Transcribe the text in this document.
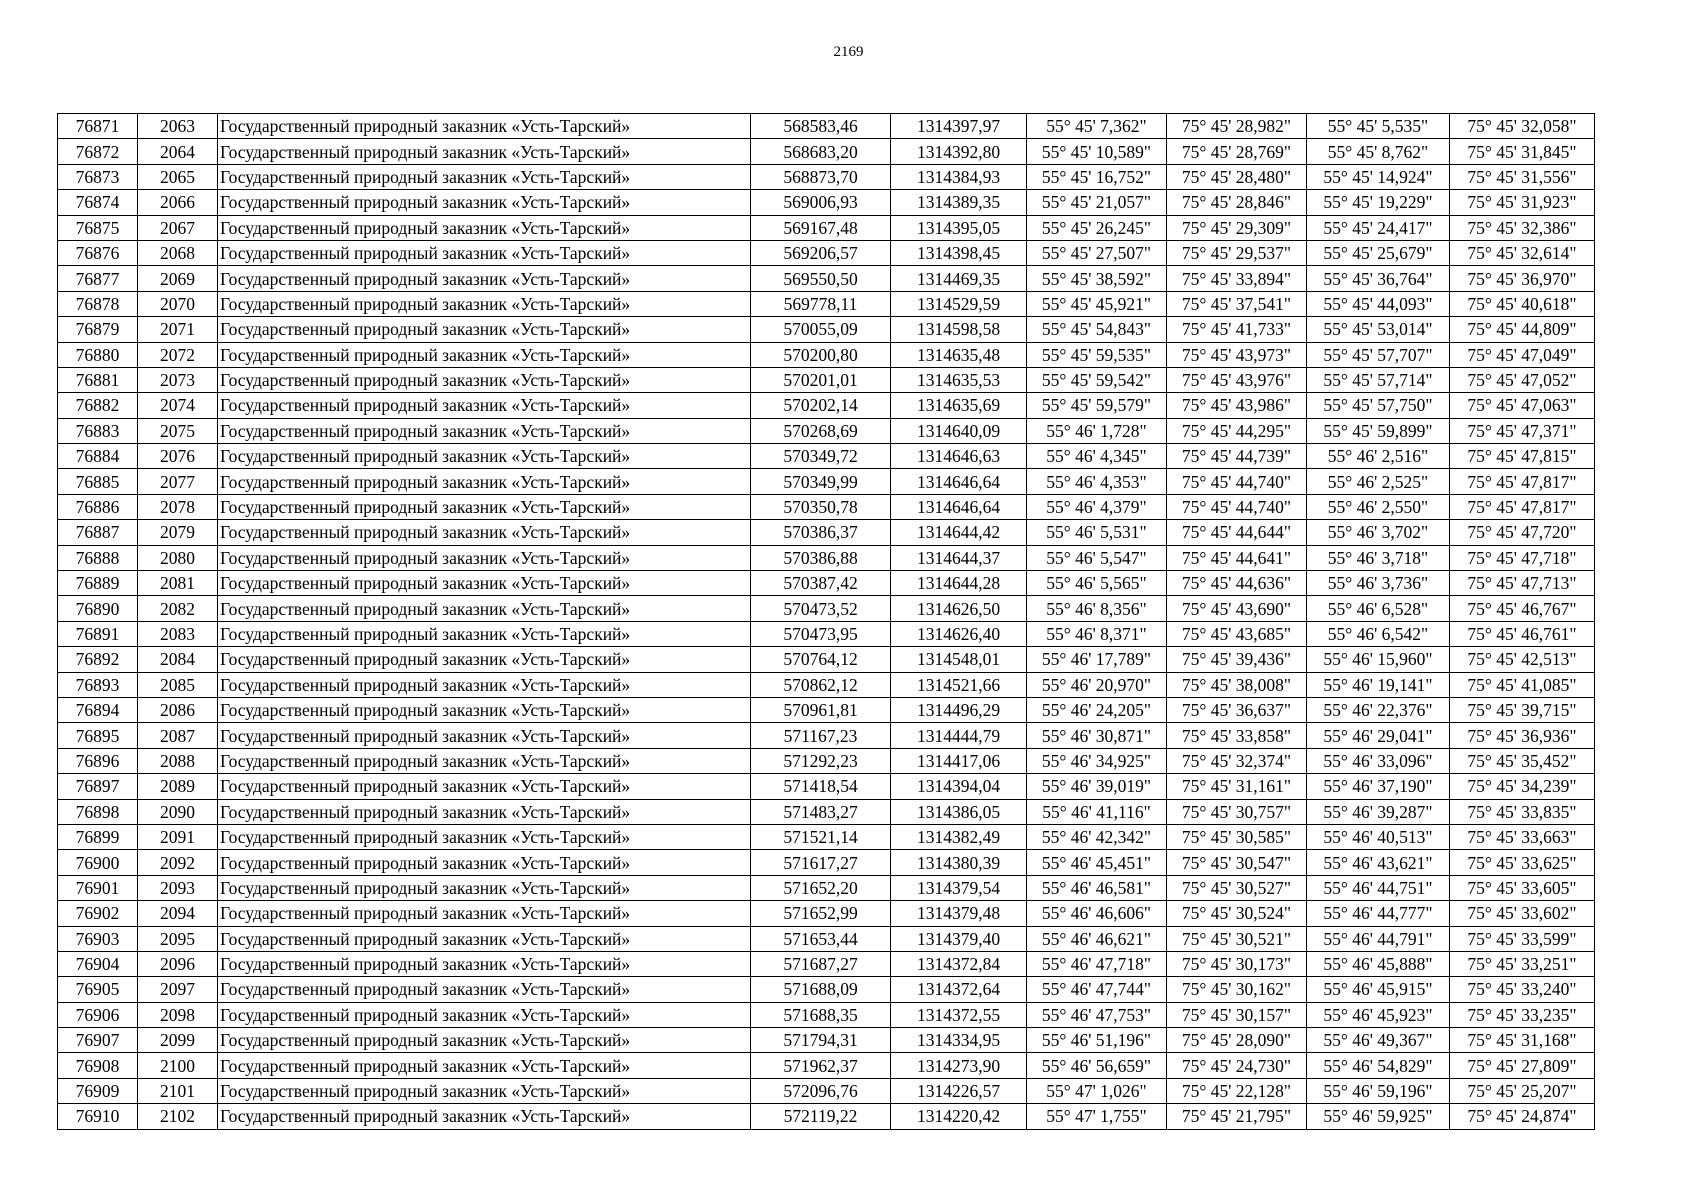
2169
76871	2063	Государственный природный заказник «Усть-Тарский»	568583,46	1314397,97	55° 45' 7,362"	75° 45' 28,982"	55° 45' 5,535"	75° 45' 32,058"
76872	2064	Государственный природный заказник «Усть-Тарский»	568683,20	1314392,80	55° 45' 10,589"	75° 45' 28,769"	55° 45' 8,762"	75° 45' 31,845"
76873	2065	Государственный природный заказник «Усть-Тарский»	568873,70	1314384,93	55° 45' 16,752"	75° 45' 28,480"	55° 45' 14,924"	75° 45' 31,556"
76874	2066	Государственный природный заказник «Усть-Тарский»	569006,93	1314389,35	55° 45' 21,057"	75° 45' 28,846"	55° 45' 19,229"	75° 45' 31,923"
76875	2067	Государственный природный заказник «Усть-Тарский»	569167,48	1314395,05	55° 45' 26,245"	75° 45' 29,309"	55° 45' 24,417"	75° 45' 32,386"
76876	2068	Государственный природный заказник «Усть-Тарский»	569206,57	1314398,45	55° 45' 27,507"	75° 45' 29,537"	55° 45' 25,679"	75° 45' 32,614"
76877	2069	Государственный природный заказник «Усть-Тарский»	569550,50	1314469,35	55° 45' 38,592"	75° 45' 33,894"	55° 45' 36,764"	75° 45' 36,970"
76878	2070	Государственный природный заказник «Усть-Тарский»	569778,11	1314529,59	55° 45' 45,921"	75° 45' 37,541"	55° 45' 44,093"	75° 45' 40,618"
76879	2071	Государственный природный заказник «Усть-Тарский»	570055,09	1314598,58	55° 45' 54,843"	75° 45' 41,733"	55° 45' 53,014"	75° 45' 44,809"
76880	2072	Государственный природный заказник «Усть-Тарский»	570200,80	1314635,48	55° 45' 59,535"	75° 45' 43,973"	55° 45' 57,707"	75° 45' 47,049"
76881	2073	Государственный природный заказник «Усть-Тарский»	570201,01	1314635,53	55° 45' 59,542"	75° 45' 43,976"	55° 45' 57,714"	75° 45' 47,052"
76882	2074	Государственный природный заказник «Усть-Тарский»	570202,14	1314635,69	55° 45' 59,579"	75° 45' 43,986"	55° 45' 57,750"	75° 45' 47,063"
76883	2075	Государственный природный заказник «Усть-Тарский»	570268,69	1314640,09	55° 46' 1,728"	75° 45' 44,295"	55° 45' 59,899"	75° 45' 47,371"
76884	2076	Государственный природный заказник «Усть-Тарский»	570349,72	1314646,63	55° 46' 4,345"	75° 45' 44,739"	55° 46' 2,516"	75° 45' 47,815"
76885	2077	Государственный природный заказник «Усть-Тарский»	570349,99	1314646,64	55° 46' 4,353"	75° 45' 44,740"	55° 46' 2,525"	75° 45' 47,817"
76886	2078	Государственный природный заказник «Усть-Тарский»	570350,78	1314646,64	55° 46' 4,379"	75° 45' 44,740"	55° 46' 2,550"	75° 45' 47,817"
76887	2079	Государственный природный заказник «Усть-Тарский»	570386,37	1314644,42	55° 46' 5,531"	75° 45' 44,644"	55° 46' 3,702"	75° 45' 47,720"
76888	2080	Государственный природный заказник «Усть-Тарский»	570386,88	1314644,37	55° 46' 5,547"	75° 45' 44,641"	55° 46' 3,718"	75° 45' 47,718"
76889	2081	Государственный природный заказник «Усть-Тарский»	570387,42	1314644,28	55° 46' 5,565"	75° 45' 44,636"	55° 46' 3,736"	75° 45' 47,713"
76890	2082	Государственный природный заказник «Усть-Тарский»	570473,52	1314626,50	55° 46' 8,356"	75° 45' 43,690"	55° 46' 6,528"	75° 45' 46,767"
76891	2083	Государственный природный заказник «Усть-Тарский»	570473,95	1314626,40	55° 46' 8,371"	75° 45' 43,685"	55° 46' 6,542"	75° 45' 46,761"
76892	2084	Государственный природный заказник «Усть-Тарский»	570764,12	1314548,01	55° 46' 17,789"	75° 45' 39,436"	55° 46' 15,960"	75° 45' 42,513"
76893	2085	Государственный природный заказник «Усть-Тарский»	570862,12	1314521,66	55° 46' 20,970"	75° 45' 38,008"	55° 46' 19,141"	75° 45' 41,085"
76894	2086	Государственный природный заказник «Усть-Тарский»	570961,81	1314496,29	55° 46' 24,205"	75° 45' 36,637"	55° 46' 22,376"	75° 45' 39,715"
76895	2087	Государственный природный заказник «Усть-Тарский»	571167,23	1314444,79	55° 46' 30,871"	75° 45' 33,858"	55° 46' 29,041"	75° 45' 36,936"
76896	2088	Государственный природный заказник «Усть-Тарский»	571292,23	1314417,06	55° 46' 34,925"	75° 45' 32,374"	55° 46' 33,096"	75° 45' 35,452"
76897	2089	Государственный природный заказник «Усть-Тарский»	571418,54	1314394,04	55° 46' 39,019"	75° 45' 31,161"	55° 46' 37,190"	75° 45' 34,239"
76898	2090	Государственный природный заказник «Усть-Тарский»	571483,27	1314386,05	55° 46' 41,116"	75° 45' 30,757"	55° 46' 39,287"	75° 45' 33,835"
76899	2091	Государственный природный заказник «Усть-Тарский»	571521,14	1314382,49	55° 46' 42,342"	75° 45' 30,585"	55° 46' 40,513"	75° 45' 33,663"
76900	2092	Государственный природный заказник «Усть-Тарский»	571617,27	1314380,39	55° 46' 45,451"	75° 45' 30,547"	55° 46' 43,621"	75° 45' 33,625"
76901	2093	Государственный природный заказник «Усть-Тарский»	571652,20	1314379,54	55° 46' 46,581"	75° 45' 30,527"	55° 46' 44,751"	75° 45' 33,605"
76902	2094	Государственный природный заказник «Усть-Тарский»	571652,99	1314379,48	55° 46' 46,606"	75° 45' 30,524"	55° 46' 44,777"	75° 45' 33,602"
76903	2095	Государственный природный заказник «Усть-Тарский»	571653,44	1314379,40	55° 46' 46,621"	75° 45' 30,521"	55° 46' 44,791"	75° 45' 33,599"
76904	2096	Государственный природный заказник «Усть-Тарский»	571687,27	1314372,84	55° 46' 47,718"	75° 45' 30,173"	55° 46' 45,888"	75° 45' 33,251"
76905	2097	Государственный природный заказник «Усть-Тарский»	571688,09	1314372,64	55° 46' 47,744"	75° 45' 30,162"	55° 46' 45,915"	75° 45' 33,240"
76906	2098	Государственный природный заказник «Усть-Тарский»	571688,35	1314372,55	55° 46' 47,753"	75° 45' 30,157"	55° 46' 45,923"	75° 45' 33,235"
76907	2099	Государственный природный заказник «Усть-Тарский»	571794,31	1314334,95	55° 46' 51,196"	75° 45' 28,090"	55° 46' 49,367"	75° 45' 31,168"
76908	2100	Государственный природный заказник «Усть-Тарский»	571962,37	1314273,90	55° 46' 56,659"	75° 45' 24,730"	55° 46' 54,829"	75° 45' 27,809"
76909	2101	Государственный природный заказник «Усть-Тарский»	572096,76	1314226,57	55° 47' 1,026"	75° 45' 22,128"	55° 46' 59,196"	75° 45' 25,207"
76910	2102	Государственный природный заказник «Усть-Тарский»	572119,22	1314220,42	55° 47' 1,755"	75° 45' 21,795"	55° 46' 59,925"	75° 45' 24,874"
